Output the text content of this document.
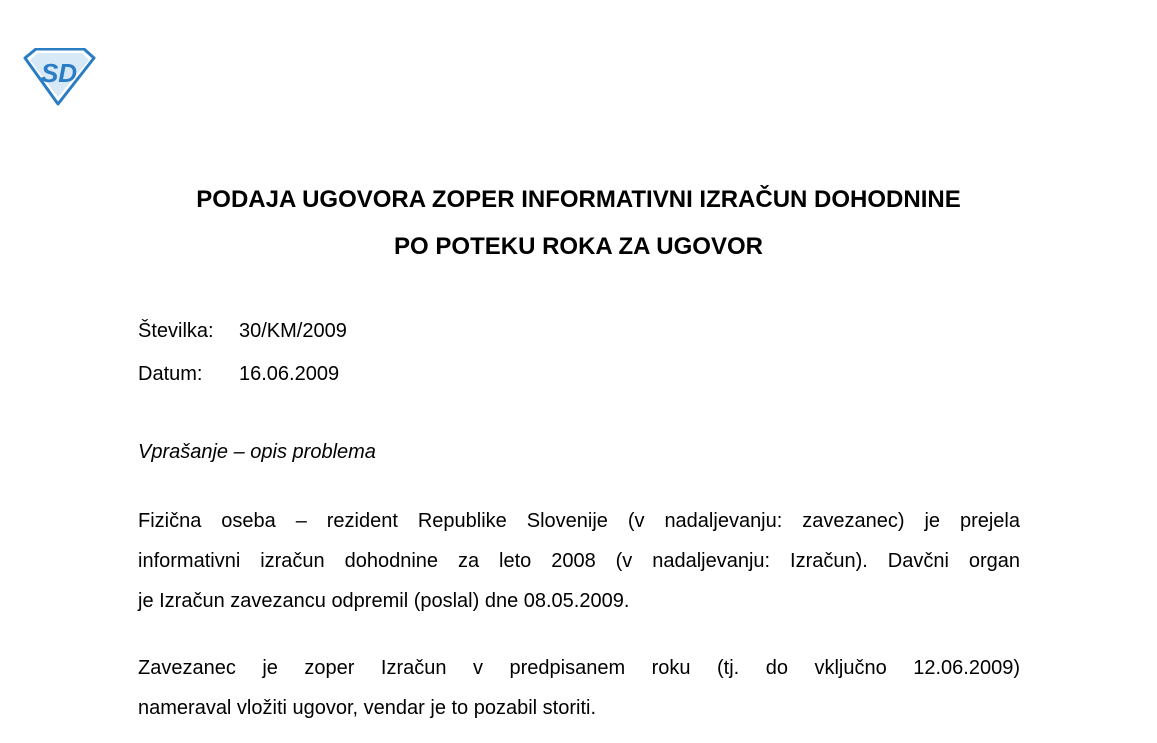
SD
PODAJA UGOVORA ZOPER INFORMATIVNI IZRAČUN DOHODNINE
PO POTEKU ROKA ZA UGOVOR
Številka: 30/KM/2009
Datum: 16.06.2009
Vprašanje – opis problema

Fizična oseba – rezident Republike Slovenije (v nadaljevanju: zavezanec) je prejela
informativni izračun dohodnine za leto 2008 (v nadaljevanju: Izračun). Davčni organ
je Izračun zavezancu odpremil (poslal) dne 08.05.2009.

Zavezanec je zoper Izračun v predpisanem roku (tj. do vključno 12.06.2009)
nameraval vložiti ugovor, vendar je to pozabil storiti.
